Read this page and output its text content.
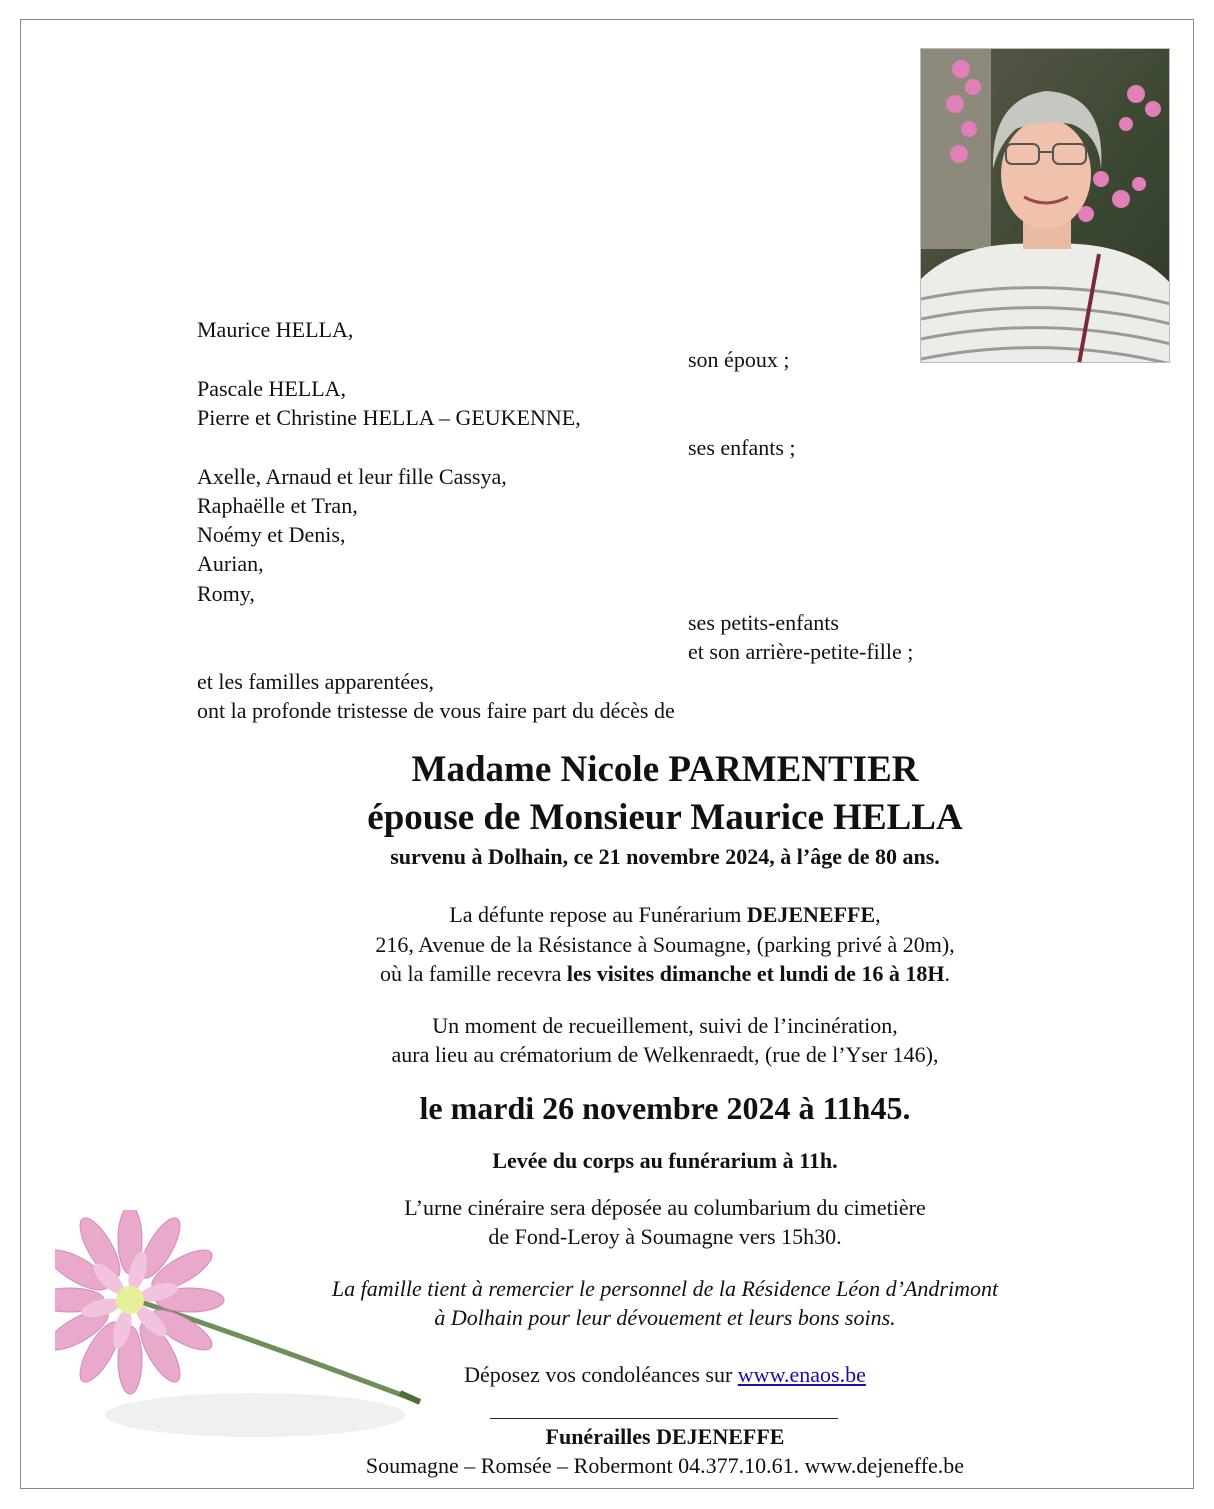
Maurice HELLA,
son époux ;
Pascale HELLA,
Pierre et Christine HELLA – GEUKENNE,
ses enfants ;
Axelle, Arnaud et leur fille Cassya,
Raphaëlle et Tran,
Noémy et Denis,
Aurian,
Romy,
ses petits-enfants
et son arrière-petite-fille ;
et les familles apparentées,
ont la profonde tristesse de vous faire part du décès de
Madame Nicole PARMENTIER
épouse de Monsieur Maurice HELLA
survenu à Dolhain, ce 21 novembre 2024, à l’âge de 80 ans.
La défunte repose au Funérarium DEJENEFFE,
216, Avenue de la Résistance à Soumagne, (parking privé à 20m),
où la famille recevra les visites dimanche et lundi de 16 à 18H.
Un moment de recueillement, suivi de l’incinération,
aura lieu au crématorium de Welkenraedt, (rue de l’Yser 146),
le mardi 26 novembre 2024 à 11h45.
Levée du corps au funérarium à 11h.
L’urne cinéraire sera déposée au columbarium du cimetière
de Fond-Leroy à Soumagne vers 15h30.
La famille tient à remercier le personnel de la Résidence Léon d’Andrimont
à Dolhain pour leur dévouement et leurs bons soins.
Déposez vos condoléances sur www.enaos.be
Funérailles DEJENEFFE
Soumagne – Romsée – Robermont 04.377.10.61. www.dejeneffe.be
